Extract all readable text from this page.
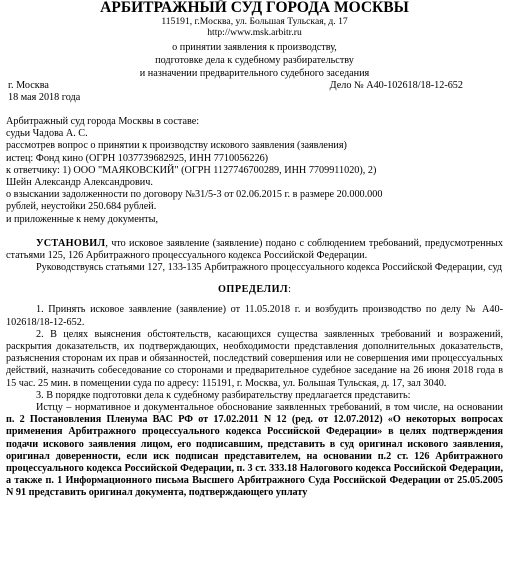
АРБИТРАЖНЫЙ СУД ГОРОДА МОСКВЫ

115191, г.Москва, ул. Большая Тульская, д. 17

http://www.msk.arbitr.ru

о принятии заявления к производству,

подготовке дела к судебному разбирательству

и назначении предварительного судебного заседания

г. Москва	Дело № А40-102618/18-12-652

18 мая 2018 года

Арбитражный суд города Москвы в составе:

судьи Чадова А. С.

рассмотрев вопрос о принятии к производству искового заявления (заявления)

истец: Фонд кино (ОГРН 1037739682925, ИНН 7710056226)

к ответчику: 1) ООО "МАЯКОВСКИЙ" (ОГРН 1127746700289, ИНН 7709911020), 2)

Шейн Александр Александрович.

о взыскании задолженности по договору №31/5-3 от 02.06.2015 г. в размере 20.000.000

рублей, неустойки 250.684 рублей.

и приложенные к нему документы,

УСТАНОВИЛ, что исковое заявление (заявление) подано с соблюдением требований, предусмотренных статьями 125, 126 Арбитражного процессуального кодекса Российской Федерации.

Руководствуясь статьями 127, 133-135 Арбитражного процессуального кодекса Российской Федерации, суд

ОПРЕДЕЛИЛ:

1. Принять исковое заявление (заявление) от 11.05.2018 г. и возбудить производство по делу № А40-102618/18-12-652.

2. В целях выяснения обстоятельств, касающихся существа заявленных требований и возражений, раскрытия доказательств, их подтверждающих, необходимости представления дополнительных доказательств, разъяснения сторонам их прав и обязанностей, последствий совершения или не совершения ими процессуальных действий, назначить собеседование со сторонами и предварительное судебное заседание на 26 июня 2018 года в 15 час. 25 мин. в помещении суда по адресу: 115191, г. Москва, ул. Большая Тульская, д. 17, зал 3040.

3. В порядке подготовки дела к судебному разбирательству предлагается представить:

Истцу – нормативное и документальное обоснование заявленных требований, в том числе, на основании п. 2 Постановления Пленума ВАС РФ от 17.02.2011 N 12 (ред. от 12.07.2012) «О некоторых вопросах применения Арбитражного процессуального кодекса Российской Федерации» в целях подтверждения подачи искового заявления лицом, его подписавшим, представить в суд оригинал искового заявления, оригинал доверенности, если иск подписан представителем, на основании п.2 ст. 126 Арбитражного процессуального кодекса Российской Федерации, п. 3 ст. 333.18 Налогового кодекса Российской Федерации, а также п. 1 Информационного письма Высшего Арбитражного Суда Российской Федерации от 25.05.2005 N 91 представить оригинал документа, подтверждающего уплату
